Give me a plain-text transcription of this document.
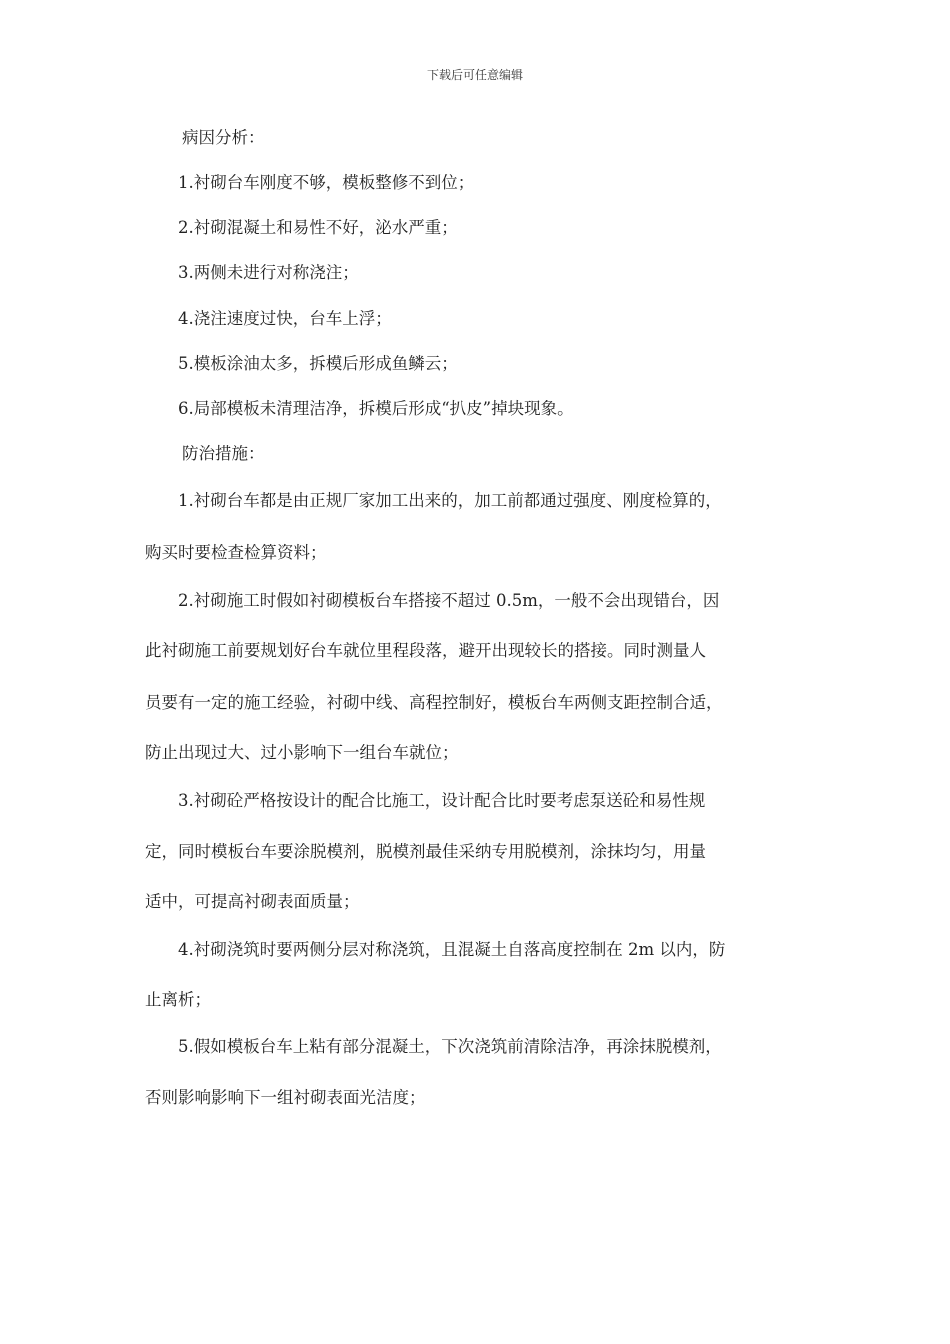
下载后可任意编辑
病因分析：
1.衬砌台车刚度不够，模板整修不到位；
2.衬砌混凝土和易性不好，泌水严重；
3.两侧未进行对称浇注；
4.浇注速度过快，台车上浮；
5.模板涂油太多，拆模后形成鱼鳞云；
6.局部模板未清理洁净，拆模后形成“扒皮”掉块现象。
防治措施：
1.衬砌台车都是由正规厂家加工出来的，加工前都通过强度、刚度检算的，
购买时要检查检算资料；
2.衬砌施工时假如衬砌模板台车搭接不超过 0.5m，一般不会出现错台，因
此衬砌施工前要规划好台车就位里程段落，避开出现较长的搭接。同时测量人
员要有一定的施工经验，衬砌中线、高程控制好，模板台车两侧支距控制合适，
防止出现过大、过小影响下一组台车就位；
3.衬砌砼严格按设计的配合比施工，设计配合比时要考虑泵送砼和易性规
定，同时模板台车要涂脱模剂，脱模剂最佳采纳专用脱模剂，涂抹均匀，用量
适中，可提高衬砌表面质量；
4.衬砌浇筑时要两侧分层对称浇筑，且混凝土自落高度控制在 2m 以内，防
止离析；
5.假如模板台车上粘有部分混凝土，下次浇筑前清除洁净，再涂抹脱模剂，
否则影响影响下一组衬砌表面光洁度；
